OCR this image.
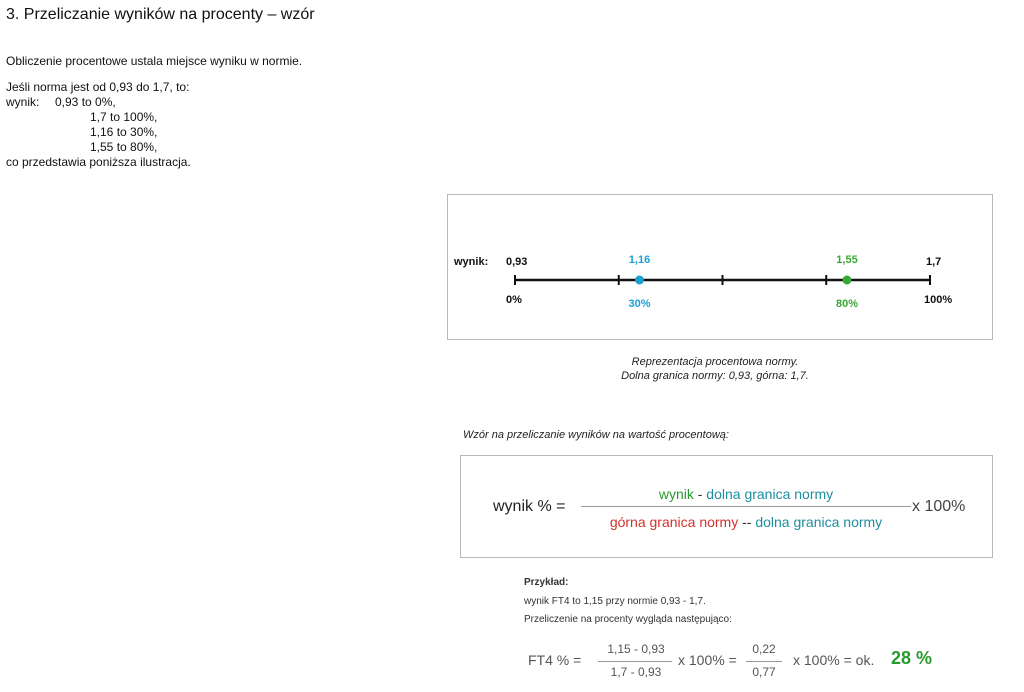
3. Przeliczanie wyników na procenty – wzór
Obliczenie procentowe ustala miejsce wyniku w normie.
Jeśli norma jest od 0,93 do 1,7, to:
wynik: 0,93 to 0%,
1,7 to 100%,
1,16 to 30%,
1,55 to 80%,
co przedstawia poniższa ilustracja.
wynik: 0,93
0%
1,7
100%
1,16
30%
1,55
80%
Reprezentacja procentowa normy.
Dolna granica normy: 0,93, górna: 1,7.
Wzór na przeliczanie wyników na wartość procentową:
wynik % =
wynik - dolna granica normy
górna granica normy -- dolna granica normy
x 100%
Przykład:
wynik FT4 to 1,15 przy normie 0,93 - 1,7.
Przeliczenie na procenty wygląda następująco:
FT4 % =
1,15 - 0,93
1,7 - 0,93
x 100% =
0,22
0,77
x 100% = ok. 28 %
